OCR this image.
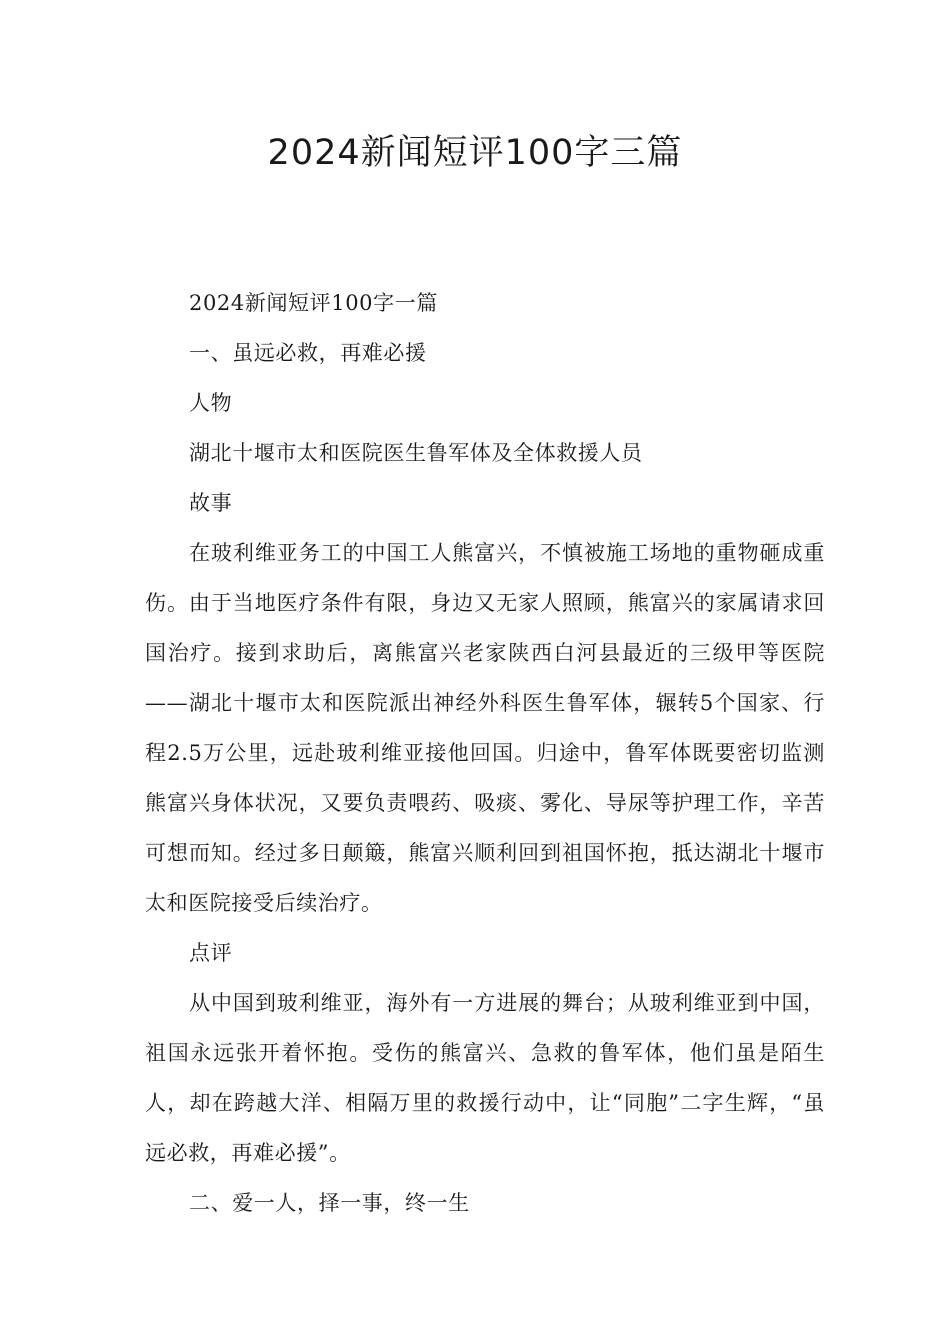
2024新闻短评100字三篇

2024新闻短评100字一篇

一、虽远必救，再难必援

人物

湖北十堰市太和医院医生鲁军体及全体救援人员

故事

在玻利维亚务工的中国工人熊富兴，不慎被施工场地的重物砸成重伤。由于当地医疗条件有限，身边又无家人照顾，熊富兴的家属请求回国治疗。接到求助后，离熊富兴老家陕西白河县最近的三级甲等医院——湖北十堰市太和医院派出神经外科医生鲁军体，辗转5个国家、行程2.5万公里，远赴玻利维亚接他回国。归途中，鲁军体既要密切监测熊富兴身体状况，又要负责喂药、吸痰、雾化、导尿等护理工作，辛苦可想而知。经过多日颠簸，熊富兴顺利回到祖国怀抱，抵达湖北十堰市太和医院接受后续治疗。

点评

从中国到玻利维亚，海外有一方进展的舞台；从玻利维亚到中国，祖国永远张开着怀抱。受伤的熊富兴、急救的鲁军体，他们虽是陌生人，却在跨越大洋、相隔万里的救援行动中，让“同胞”二字生辉，“虽远必救，再难必援”。

二、爱一人，择一事，终一生
